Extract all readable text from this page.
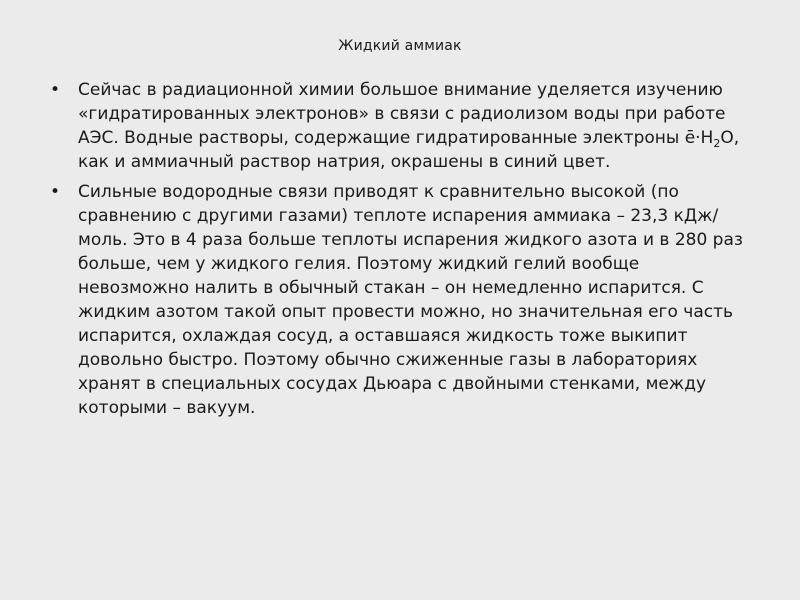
Жидкий аммиак
• Сейчас в радиационной химии большое внимание уделяется изучению «гидратированных электронов» в связи с радиолизом воды при работе АЭС. Водные растворы, содержащие гидратированные электроны $ē\cdot H_2O$, как и аммиачный раствор натрия, окрашены в синий цвет.
• Сильные водородные связи приводят к сравнительно высокой (по сравнению с другими газами) теплоте испарения аммиака – 23,3 кДж/моль. Это в 4 раза больше теплоты испарения жидкого азота и в 280 раз больше, чем у жидкого гелия. Поэтому жидкий гелий вообще невозможно налить в обычный стакан – он немедленно испарится. С жидким азотом такой опыт провести можно, но значительная его часть испарится, охлаждая сосуд, а оставшаяся жидкость тоже выкипит довольно быстро. Поэтому обычно сжиженные газы в лабораториях хранят в специальных сосудах Дьюара с двойными стенками, между которыми – вакуум.
